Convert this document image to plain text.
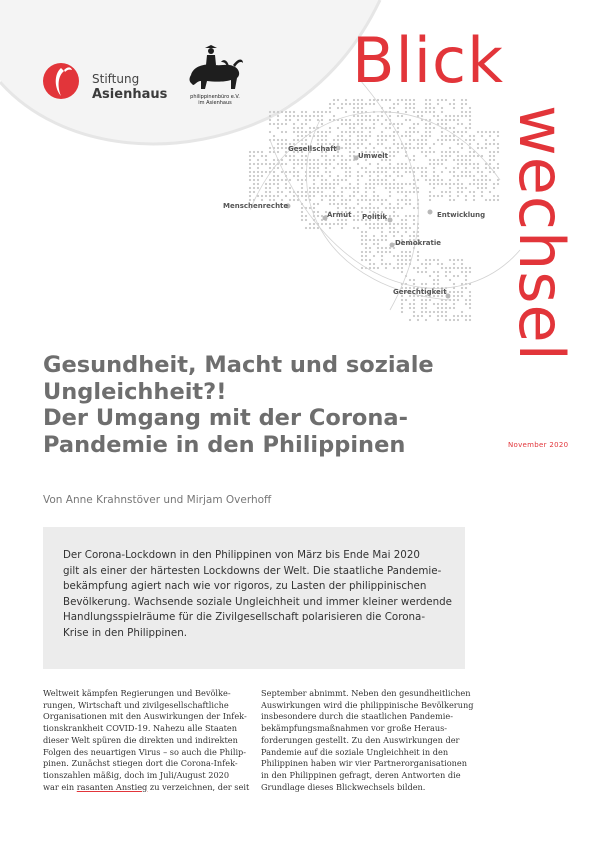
Gesellschaft
Umwelt
Menschenrechte
Armut Politik	Entwicklung
Demokratie
Gerechtigkeit
Stiftung
Asienhaus	philippinenbüro e.V.
im Asienhaus
Blick
wechsel
November 2020
Gesundheit, Macht und soziale
Ungleichheit?!
Der Umgang mit der Corona-
Pandemie in den Philippinen
Von Anne Krahnstöver und Mirjam Overhoff

Der Corona-Lockdown in den Philippinen von März bis Ende Mai 2020
gilt als einer der härtesten Lockdowns der Welt. Die staatliche Pandemie-
bekämpfung agiert nach wie vor rigoros, zu Lasten der philippinischen
Bevölkerung. Wachsende soziale Ungleichheit und immer kleiner werdende
Handlungsspielräume für die Zivilgesellschaft polarisieren die Corona-
Krise in den Philippinen.

Weltweit kämpfen Regierungen und Bevölke-
rungen, Wirtschaft und zivilgesellschaftliche
Organisationen mit den Auswirkungen der Infek-
tionskrankheit COVID-19. Nahezu alle Staaten
dieser Welt spüren die direkten und indirekten
Folgen des neuartigen Virus – so auch die Philip-
pinen. Zunächst stiegen dort die Corona-Infek-
tionszahlen mäßig, doch im Juli/August 2020
war ein rasanten Anstieg zu verzeichnen, der seit
September abnimmt. Neben den gesundheitlichen
Auswirkungen wird die philippinische Bevölkerung
insbesondere durch die staatlichen Pandemie-
bekämpfungsmaßnahmen vor große Heraus-
forderungen gestellt. Zu den Auswirkungen der
Pandemie auf die soziale Ungleichheit in den
Philippinen haben wir vier Partnerorganisationen
in den Philippinen gefragt, deren Antworten die
Grundlage dieses Blickwechsels bilden.
